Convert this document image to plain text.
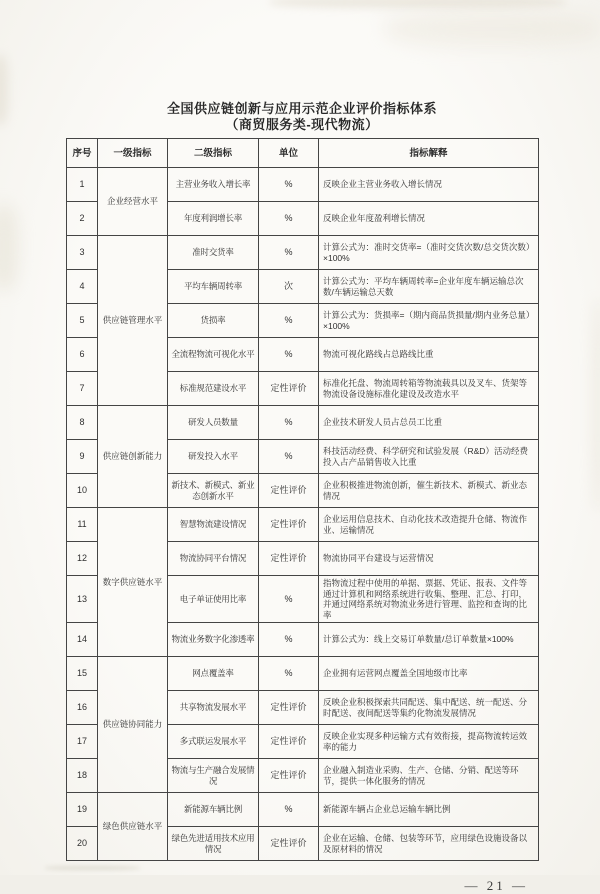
全国供应链创新与应用示范企业评价指标体系
（商贸服务类-现代物流）
序号	一级指标	二级指标	单位	指标解释
1	企业经营水平	主营业务收入增长率	%	反映企业主营业务收入增长情况
2		年度利润增长率	%	反映企业年度盈利增长情况
3	供应链管理水平	准时交货率	%	计算公式为：准时交货率=（准时交货次数/总交货次数）×100%
4		平均车辆周转率	次	计算公式为：平均车辆周转率=企业年度车辆运输总次数/车辆运输总天数
5		货损率	%	计算公式为：货损率=（期内商品货损量/期内业务总量）×100%
6		全流程物流可视化水平	%	物流可视化路线占总路线比重
7		标准规范建设水平	定性评价	标准化托盘、物流周转箱等物流载具以及叉车、货架等物流设备设施标准化建设及改造水平
8	供应链创新能力	研发人员数量	%	企业技术研发人员占总员工比重
9		研发投入水平	%	科技活动经费、科学研究和试验发展（R&D）活动经费投入占产品销售收入比重
10		新技术、新模式、新业态创新水平	定性评价	企业积极推进物流创新，催生新技术、新模式、新业态情况
11	数字供应链水平	智慧物流建设情况	定性评价	企业运用信息技术、自动化技术改造提升仓储、物流作业、运输情况
12		物流协同平台情况	定性评价	物流协同平台建设与运营情况
13		电子单证使用比率	%	指物流过程中使用的单据、票据、凭证、报表、文件等通过计算机和网络系统进行收集、整理、汇总、打印，并通过网络系统对物流业务进行管理、监控和查询的比率
14		物流业务数字化渗透率	%	计算公式为：线上交易订单数量/总订单数量×100%
15	供应链协同能力	网点覆盖率	%	企业拥有运营网点覆盖全国地级市比率
16		共享物流发展水平	定性评价	反映企业积极探索共同配送、集中配送、统一配送、分时配送、夜间配送等集约化物流发展情况
17		多式联运发展水平	定性评价	反映企业实现多种运输方式有效衔接，提高物流转运效率的能力
18		物流与生产融合发展情况	定性评价	企业融入制造业采购、生产、仓储、分销、配送等环节，提供一体化服务的情况
19	绿色供应链水平	新能源车辆比例	%	新能源车辆占企业总运输车辆比例
20		绿色先进适用技术应用情况	定性评价	企业在运输、仓储、包装等环节，应用绿色设施设备以及原材料的情况
— 21 —
